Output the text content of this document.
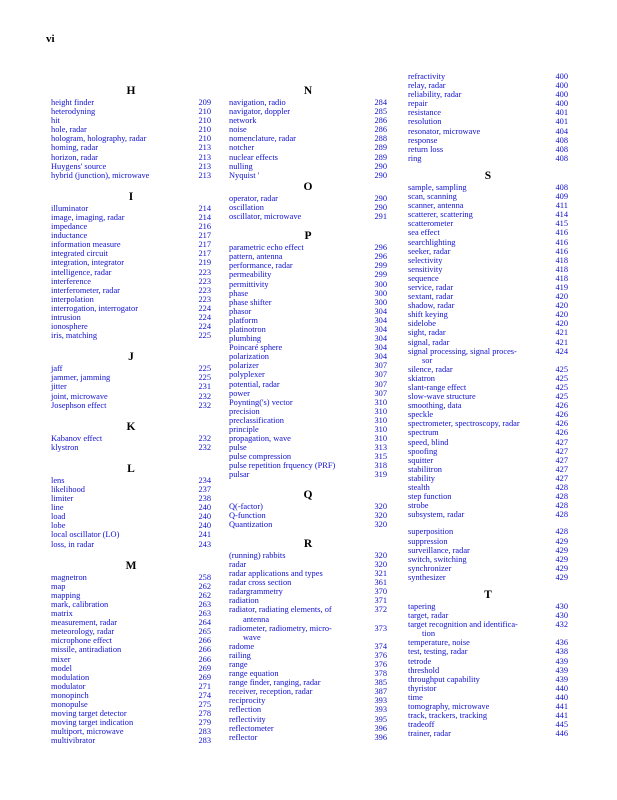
vi
H
height finder	209
heterodyning	210
hit	210
hole, radar	210
hologram, holography, radar	210
homing, radar	213
horizon, radar	213
Huygens' source	213
hybrid (junction), microwave	213
I
illuminator	214
image, imaging, radar	214
impedance	216
inductance	217
information measure	217
integrated circuit	217
integration, integrator	219
intelligence, radar	223
interference	223
interferometer, radar	223
interpolation	223
interrogation, interrogator	224
intrusion	224
ionosphere	224
iris, matching	225
J
jaff	225
jammer, jamming	225
jitter	231
joint, microwave	232
Josephson effect	232
K
Kabanov effect	232
klystron	232
L
lens	234
likelihood	237
limiter	238
line	240
load	240
lobe	240
local oscillator (LO)	241
loss, in radar	243
M
magnetron	258
map	262
mapping	262
mark, calibration	263
matrix	263
measurement, radar	264
meteorology, radar	265
microphone effect	266
missile, antiradiation	266
mixer	266
model	269
modulation	269
modulator	271
monopinch	274
monopulse	275
moving target detector	278
moving target indication	279
multiport, microwave	283
multivibrator	283
N
navigation, radio	284
navigator, doppler	285
network	286
noise	286
nomenclature, radar	288
notcher	289
nuclear effects	289
nulling	290
Nyquist '	290
O
operator, radar	290
oscillation	290
oscillator, microwave	291
P
parametric echo effect	296
pattern, antenna	296
performance, radar	299
permeability	299
permittivity	300
phase	300
phase shifter	300
phasor	304
platform	304
platinotron	304
plumbing	304
Poincaré sphere	304
polarization	304
polarizer	307
polyplexer	307
potential, radar	307
power	307
Poynting('s) vector	310
precision	310
preclassification	310
principle	310
propagation, wave	310
pulse	313
pulse compression	315
pulse repetition frquency (PRF)	318
pulsar	319
Q
Q(-factor)	320
Q-function	320
Quantization	320
R
(running) rabbits	320
radar	320
radar applications and types	321
radar cross section	361
radargrammetry	370
radiation	371
radiator, radiating elements, of
antenna
372
radiometer, radiometry, micro-
wave
373
radome	374
railing	376
range	376
range equation	378
range finder, ranging, radar	385
receiver, reception, radar	387
reciprocity	393
reflection	393
reflectivity	395
reflectometer	396
reflector	396
refractivity	400
relay, radar	400
reliability, radar	400
repair	400
resistance	401
resolution	401
resonator, microwave	404
response	408
return loss	408
ring	408
S
sample, sampling	408
scan, scanning	409
scanner, antenna	411
scatterer, scattering	414
scatterometer	415
sea effect	416
searchlighting	416
seeker, radar	416
selectivity	418
sensitivity	418
sequence	418
service, radar	419
sextant, radar	420
shadow, radar	420
shift keying	420
sidelobe	420
sight, radar	421
signal, radar	421
signal processing, signal proces-
sor
424
silence, radar	425
skiatron	425
slant-range effect	425
slow-wave structure	425
smoothing, data	426
speckle	426
spectrometer, spectroscopy, radar	426
spectrum	426
speed, blind	427
spoofing	427
squitter	427
stabilitron	427
stability	427
stealth	428
step function	428
strobe	428
subsystem, radar	428
superposition	428
suppression	429
surveillance, radar	429
switch, switching	429
synchronizer	429
synthesizer	429
T
tapering	430
target, radar	430
target recognition and identifica-
tion
432
temperature, noise	436
test, testing, radar	438
tetrode	439
threshold	439
throughput capability	439
thyristor	440
time	440
tomography, microwave	441
track, trackers, tracking	441
tradeoff	445
trainer, radar	446
